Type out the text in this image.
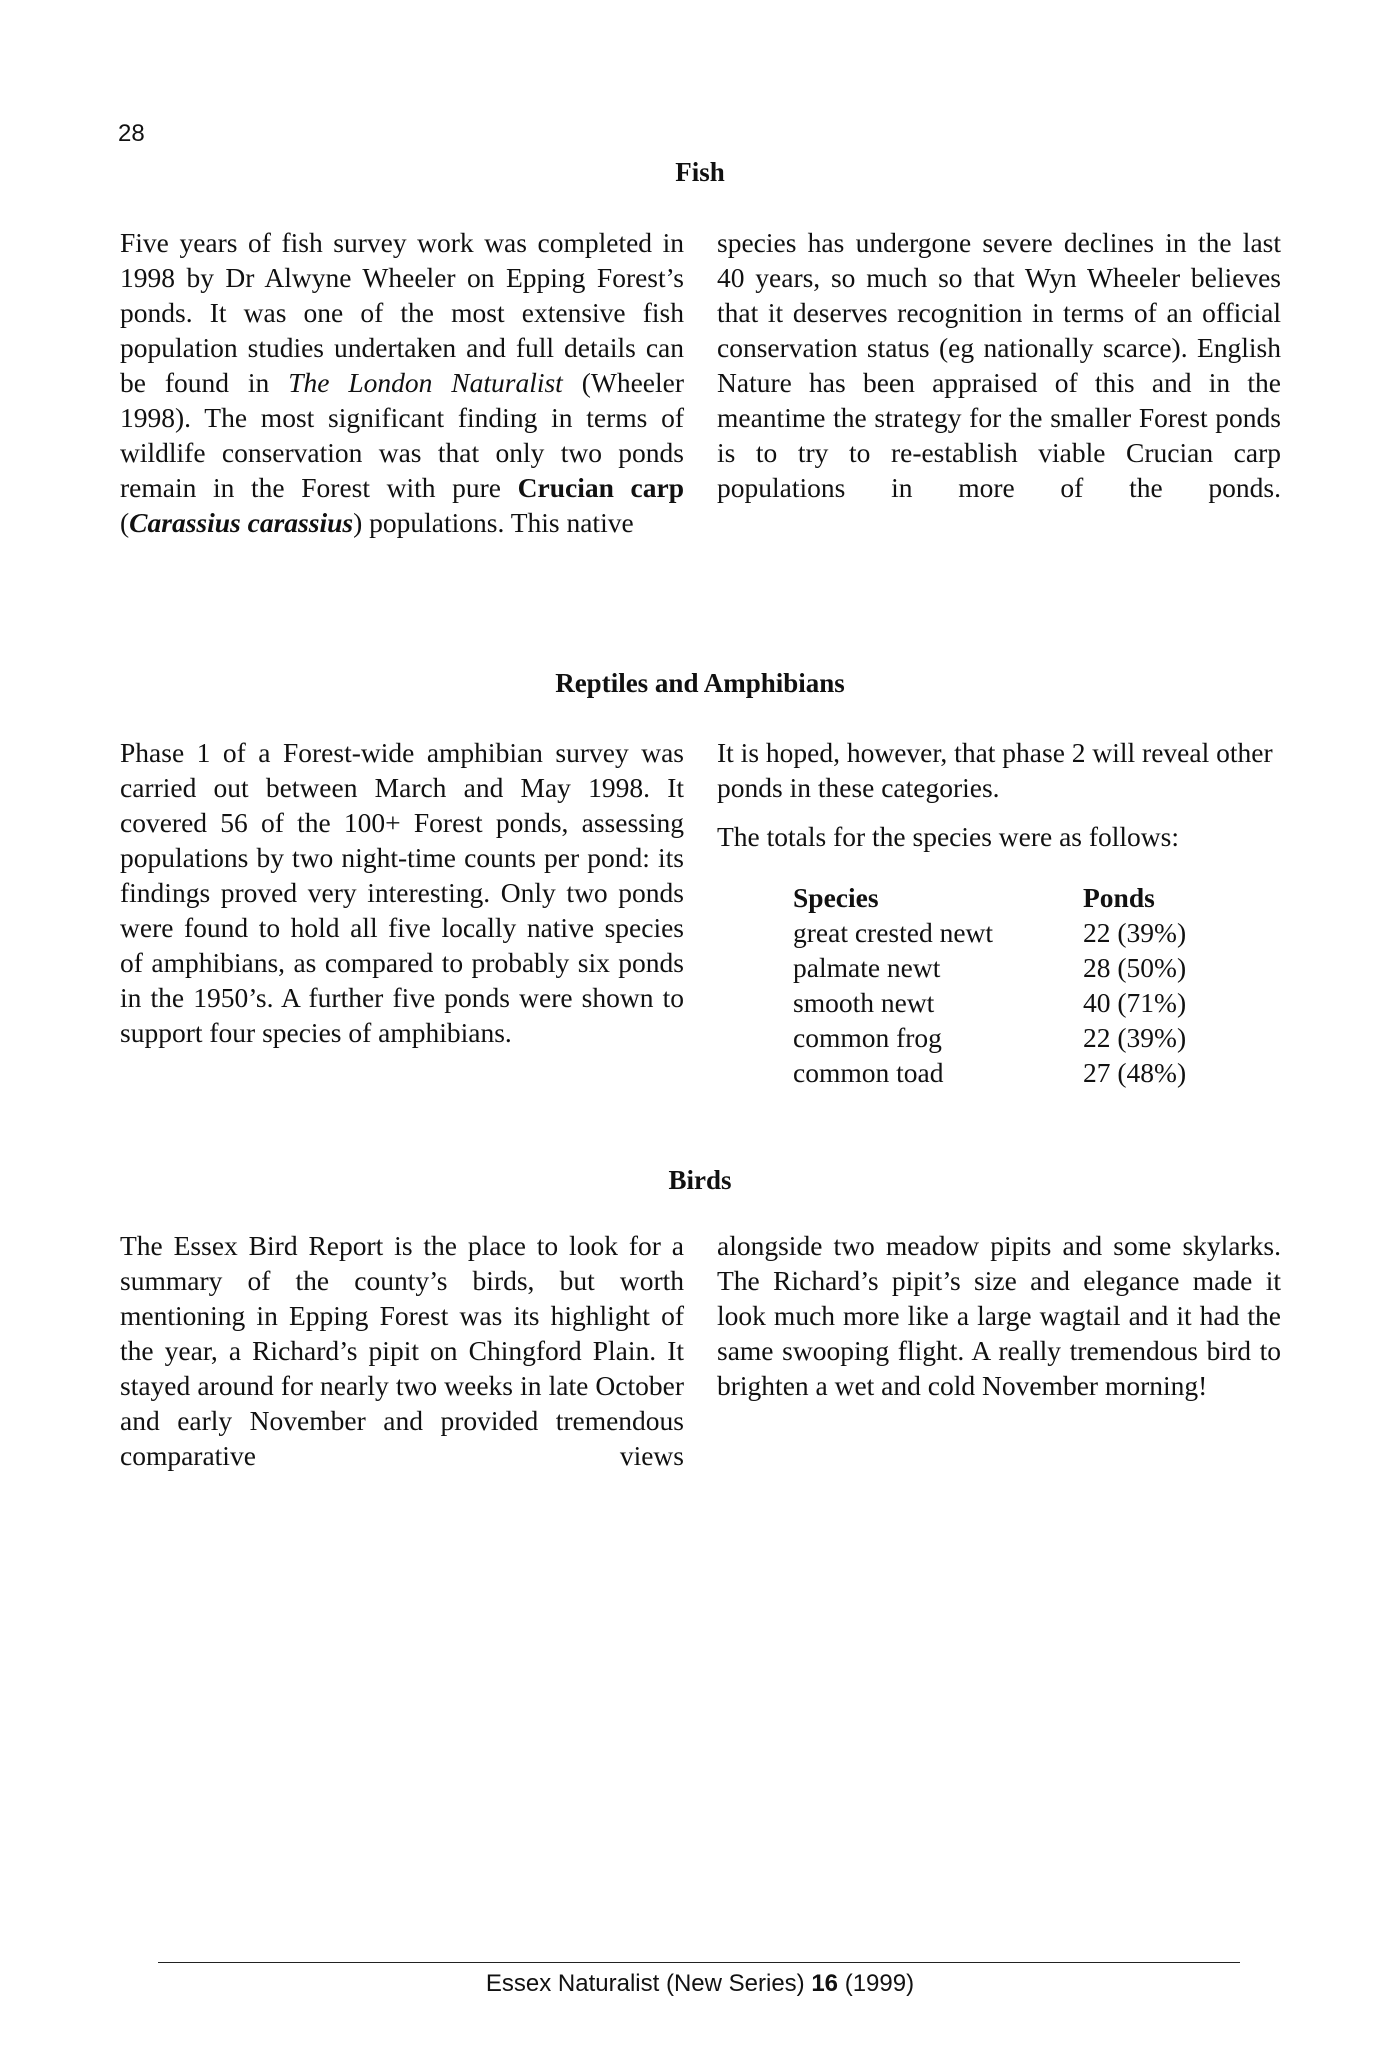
28
Fish

Five years of fish survey work was completed in 1998 by Dr Alwyne Wheeler on Epping Forest’s ponds. It was one of the most extensive fish population studies undertaken and full details can be found in The London Naturalist (Wheeler 1998). The most significant finding in terms of wildlife conservation was that only two ponds remain in the Forest with pure Crucian carp (Carassius carassius) populations. This native

species has undergone severe declines in the last 40 years, so much so that Wyn Wheeler believes that it deserves recognition in terms of an official conservation status (eg nationally scarce). English Nature has been appraised of this and in the meantime the strategy for the smaller Forest ponds is to try to re-establish viable Crucian carp populations in more of the ponds.

Reptiles and Amphibians

Phase 1 of a Forest-wide amphibian survey was carried out between March and May 1998. It covered 56 of the 100+ Forest ponds, assessing populations by two night-time counts per pond: its findings proved very interesting. Only two ponds were found to hold all five locally native species of amphibians, as compared to probably six ponds in the 1950’s. A further five ponds were shown to support four species of amphibians.

It is hoped, however, that phase 2 will reveal other ponds in these categories.

The totals for the species were as follows:

Species	Ponds
great crested newt	22 (39%)
palmate newt	28 (50%)
smooth newt	40 (71%)
common frog	22 (39%)
common toad	27 (48%)
Birds

The Essex Bird Report is the place to look for a summary of the county’s birds, but worth mentioning in Epping Forest was its highlight of the year, a Richard’s pipit on Chingford Plain. It stayed around for nearly two weeks in late October and early November and provided tremendous comparative views

alongside two meadow pipits and some skylarks. The Richard’s pipit’s size and elegance made it look much more like a large wagtail and it had the same swooping flight. A really tremendous bird to brighten a wet and cold November morning!

Essex Naturalist (New Series) 16 (1999)
